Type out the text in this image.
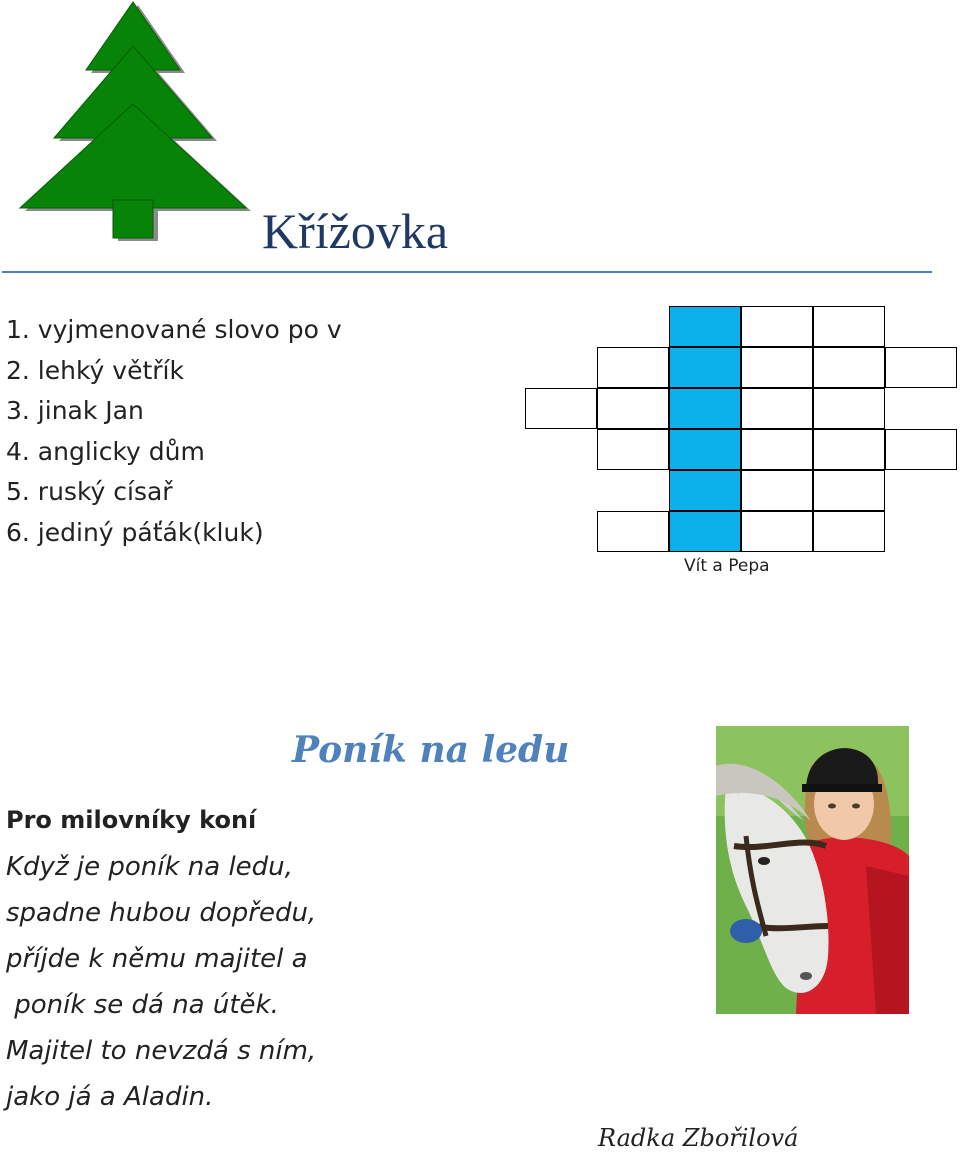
Křížovka
1. vyjmenované slovo po v
2. lehký větřík
3. jinak Jan
4. anglicky dům
5. ruský císař
6. jediný páťák(kluk)
Vít a Pepa
Poník na ledu
Pro milovníky koní
Když je poník na ledu,
spadne hubou dopředu,
příjde k němu majitel a
poník se dá na útěk.
Majitel to nevzdá s ním,
jako já a Aladin.
Radka Zbořilová
